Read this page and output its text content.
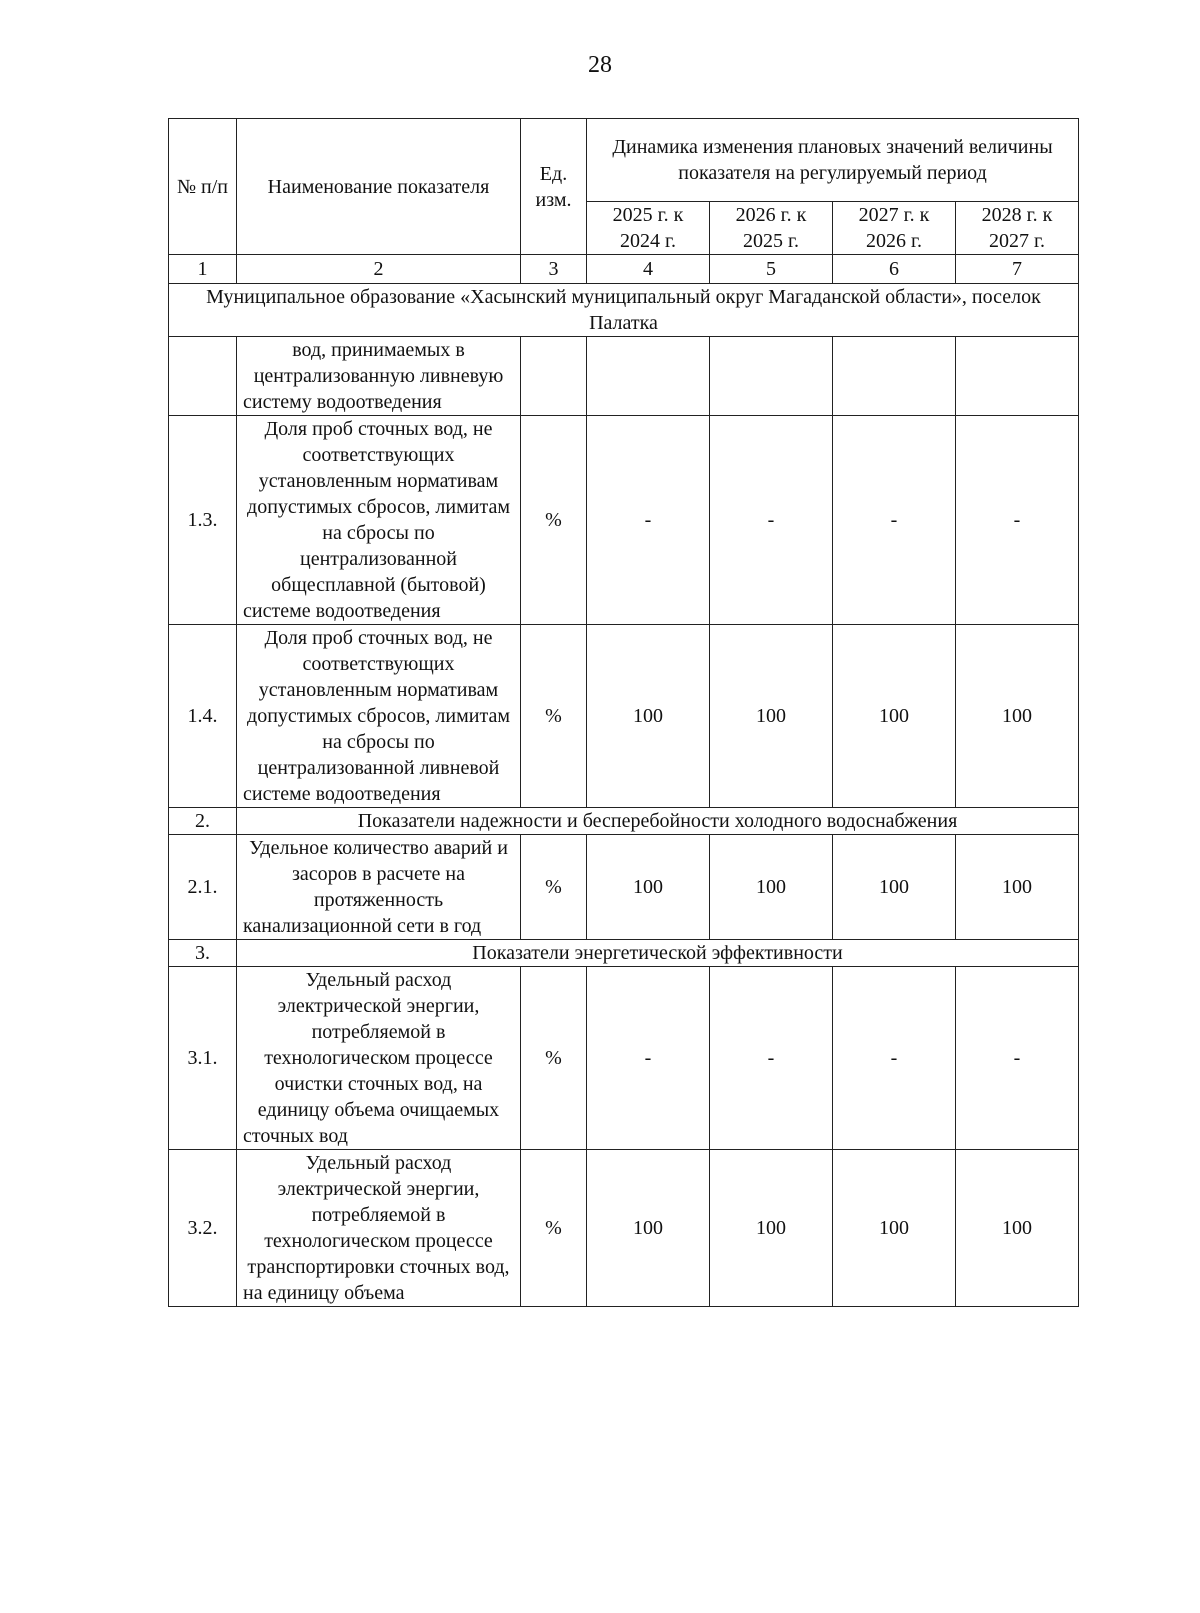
28
№ п/п	Наименование показателя	Ед. изм.	Динамика изменения плановых значений величины показателя на регулируемый период			
			2025 г. к 2024 г.	2026 г. к 2025 г.	2027 г. к 2026 г.	2028 г. к 2027 г.
1	2	3	4	5	6	7
Муниципальное образование «Хасынский муниципальный округ Магаданской области», поселок Палатка						
	вод, принимаемых в централизованную ливневую систему водоотведения					
1.3.	Доля проб сточных вод, не соответствующих установленным нормативам допустимых сбросов, лимитам на сбросы по централизованной общесплавной (бытовой) системе водоотведения	%	-	-	-	-
1.4.	Доля проб сточных вод, не соответствующих установленным нормативам допустимых сбросов, лимитам на сбросы по централизованной ливневой системе водоотведения	%	100	100	100	100
2.	Показатели надежности и бесперебойности холодного водоснабжения					
2.1.	Удельное количество аварий и засоров в расчете на протяженность канализационной сети в год	%	100	100	100	100
3.	Показатели энергетической эффективности					
3.1.	Удельный расход электрической энергии, потребляемой в технологическом процессе очистки сточных вод, на единицу объема очищаемых сточных вод	%	-	-	-	-
3.2.	Удельный расход электрической энергии, потребляемой в технологическом процессе транспортировки сточных вод, на единицу объема	%	100	100	100	100
